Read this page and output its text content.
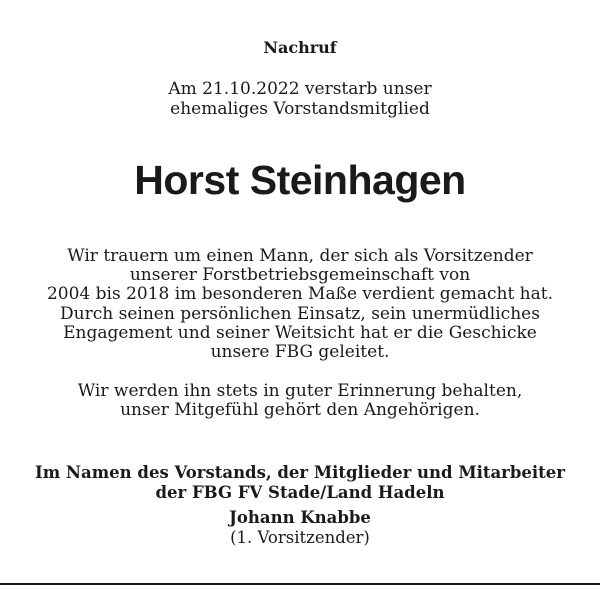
Nachruf
Am 21.10.2022 verstarb unser
ehemaliges Vorstandsmitglied
Horst Steinhagen
Wir trauern um einen Mann, der sich als Vorsitzender
unserer Forstbetriebsgemeinschaft von
2004 bis 2018 im besonderen Maße verdient gemacht hat.
Durch seinen persönlichen Einsatz, sein unermüdliches
Engagement und seiner Weitsicht hat er die Geschicke
unsere FBG geleitet.
Wir werden ihn stets in guter Erinnerung behalten,
unser Mitgefühl gehört den Angehörigen.
Im Namen des Vorstands, der Mitglieder und Mitarbeiter
der FBG FV Stade/Land Hadeln
Johann Knabbe
(1. Vorsitzender)
